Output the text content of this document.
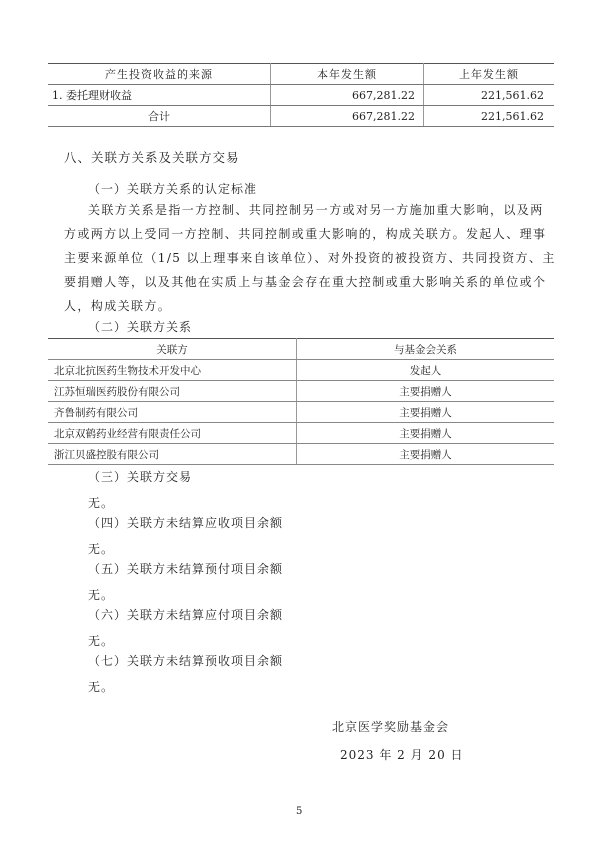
产生投资收益的来源	本年发生额	上年发生额
1. 委托理财收益	667,281.22	221,561.62
合计	667,281.22	221,561.62
八、关联方关系及关联方交易
（一）关联方关系的认定标准
关联方关系是指一方控制、共同控制另一方或对另一方施加重大影响，以及两
方或两方以上受同一方控制、共同控制或重大影响的，构成关联方。发起人、理事
主要来源单位（1/5 以上理事来自该单位）、对外投资的被投资方、共同投资方、主
要捐赠人等，以及其他在实质上与基金会存在重大控制或重大影响关系的单位或个
人，构成关联方。
（二）关联方关系
关联方	与基金会关系
北京北抗医药生物技术开发中心	发起人
江苏恒瑞医药股份有限公司	主要捐赠人
齐鲁制药有限公司	主要捐赠人
北京双鹤药业经营有限责任公司	主要捐赠人
浙江贝盛控股有限公司	主要捐赠人
（三）关联方交易
无。
（四）关联方未结算应收项目余额
无。
（五）关联方未结算预付项目余额
无。
（六）关联方未结算应付项目余额
无。
（七）关联方未结算预收项目余额
无。
北京医学奖励基金会
2023 年 2 月 20 日
5
